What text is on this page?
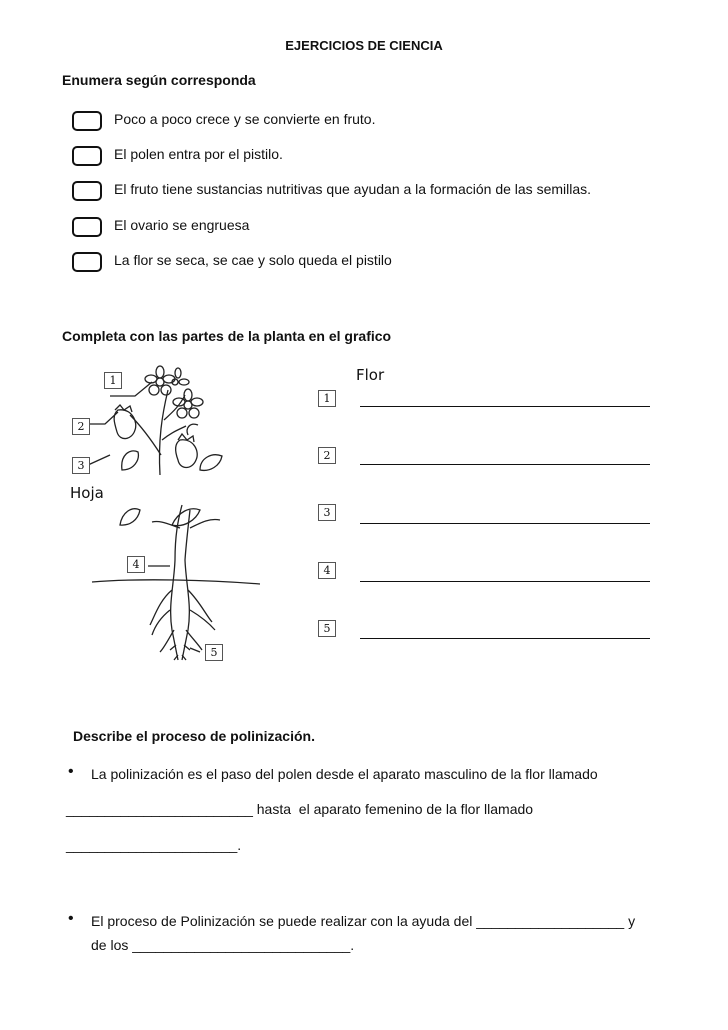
EJERCICIOS DE CIENCIA
Enumera según corresponda
Poco a poco crece y se convierte en fruto.
El polen entra por el pistilo.
El fruto tiene sustancias nutritivas que ayudan a la formación de las semillas.
El ovario se engruesa
La flor se seca, se cae y solo queda el pistilo
Completa con las partes de la planta en el grafico
1
2
3
4
5
Hoja
Flor
1
2
3
4
5
Describe el proceso de polinización.
• La polinización es el paso del polen desde el aparato masculino de la flor llamado
________________________ hasta  el aparato femenino de la flor llamado
______________________.
• El proceso de Polinización se puede realizar con la ayuda del ___________________ y
de los ____________________________.
